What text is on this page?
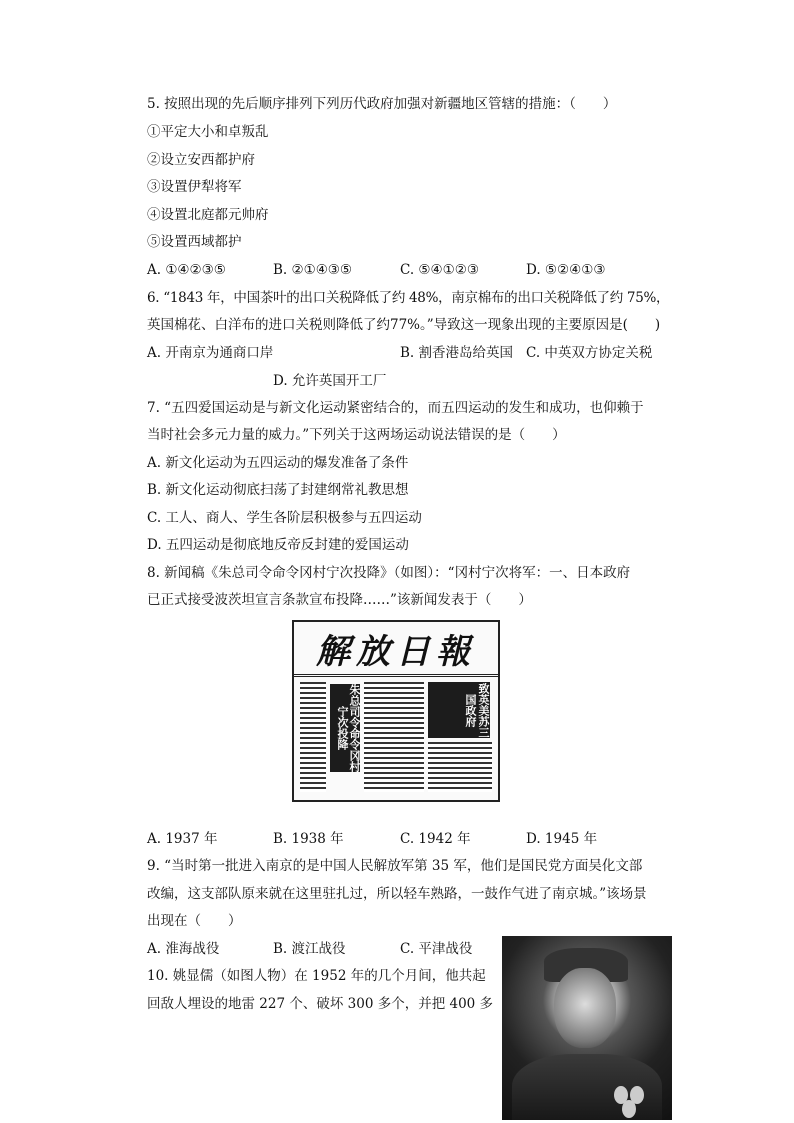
5. 按照出现的先后顺序排列下列历代政府加强对新疆地区管辖的措施：（　　）
①平定大小和卓叛乱
②设立安西都护府
③设置伊犁将军
④设置北庭都元帅府
⑤设置西域都护
A. ①④②③⑤	B. ②①④③⑤	C. ⑤④①②③	D. ⑤②④①③
6. “1843 年，中国茶叶的出口关税降低了约 48%，南京棉布的出口关税降低了约 75%，
英国棉花、白洋布的进口关税则降低了约77%。”导致这一现象出现的主要原因是(　　)
A. 开南京为通商口岸	B. 割香港岛给英国 C. 中英双方协定关税
D. 允许英国开工厂
7. “五四爱国运动是与新文化运动紧密结合的，而五四运动的发生和成功，也仰赖于
当时社会多元力量的威力。”下列关于这两场运动说法错误的是（　　）
A. 新文化运动为五四运动的爆发准备了条件
B. 新文化运动彻底扫荡了封建纲常礼教思想
C. 工人、商人、学生各阶层积极参与五四运动
D. 五四运动是彻底地反帝反封建的爱国运动
8. 新闻稿《朱总司令命令冈村宁次投降》（如图）：“冈村宁次将军：一、日本政府
已正式接受波茨坦宣言条款宣布投降……”该新闻发表于（　　）
解放日報
朱总司令命令冈村宁次投降	致英美苏三国政府
A. 1937 年	B. 1938 年	C. 1942 年	D. 1945 年
9. “当时第一批进入南京的是中国人民解放军第 35 军，他们是国民党方面吴化文部
改编，这支部队原来就在这里驻扎过，所以轻车熟路，一鼓作气进了南京城。”该场景
出现在（　　）
A. 淮海战役	B. 渡江战役	C. 平津战役
10. 姚显儒（如图人物）在 1952 年的几个月间，他共起
回敌人埋设的地雷 227 个、破坏 300 多个，并把 400 多
